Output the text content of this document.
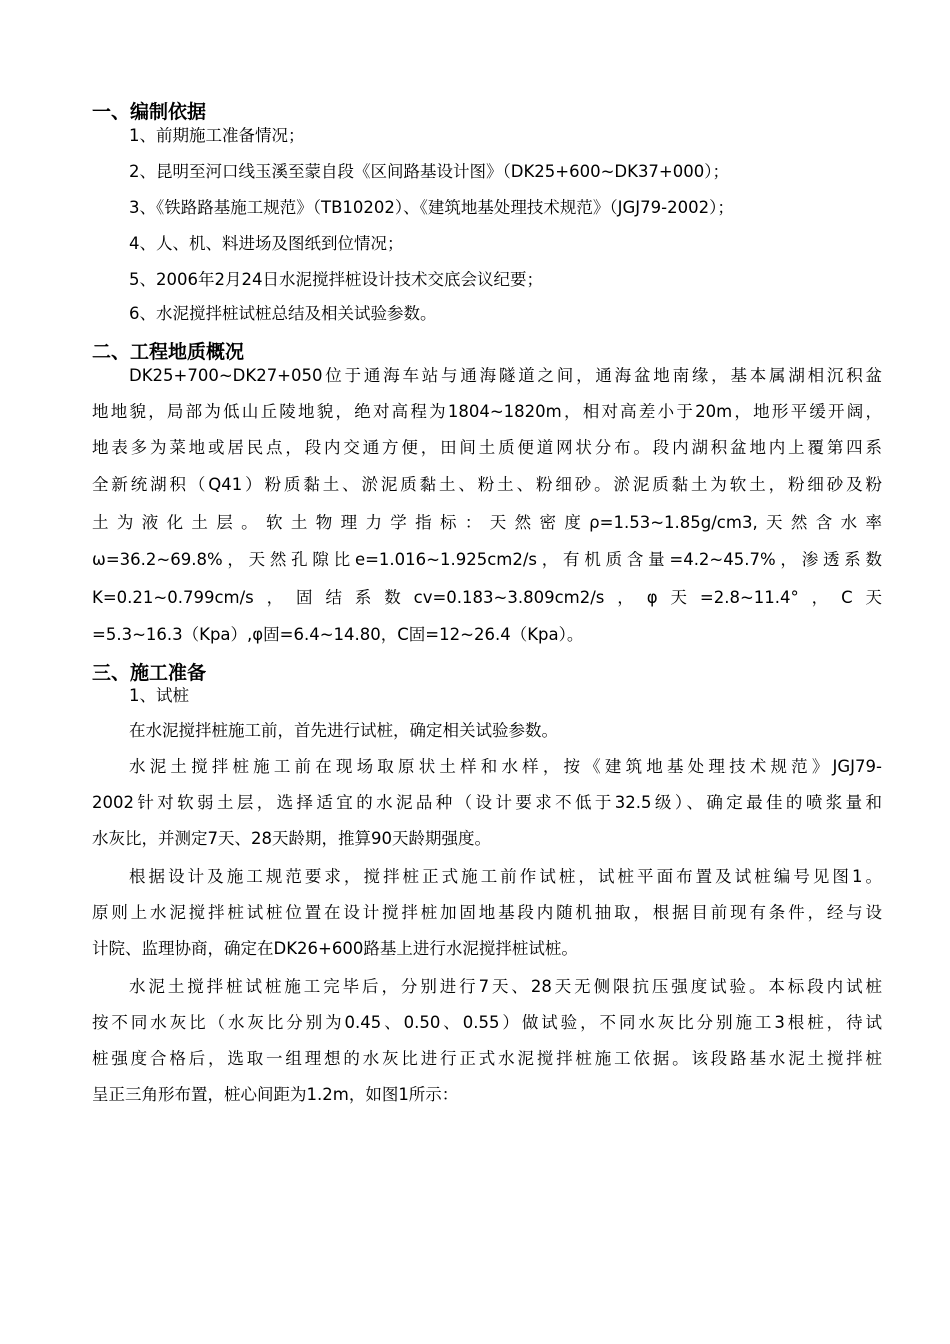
一、编制依据
1、前期施工准备情况；
2、昆明至河口线玉溪至蒙自段《区间路基设计图》（DK25+600~DK37+000）；
3、《铁路路基施工规范》（TB10202）、《建筑地基处理技术规范》（JGJ79-2002）；
4、人、机、料进场及图纸到位情况；
5、2006年2月24日水泥搅拌桩设计技术交底会议纪要；
6、水泥搅拌桩试桩总结及相关试验参数。
二、工程地质概况
DK25+700~DK27+050位于通海车站与通海隧道之间，通海盆地南缘，基本属湖相沉积盆
地地貌，局部为低山丘陵地貌，绝对高程为1804~1820m，相对高差小于20m，地形平缓开阔，
地表多为菜地或居民点，段内交通方便，田间土质便道网状分布。段内湖积盆地内上覆第四系
全新统湖积（Q41）粉质黏土、淤泥质黏土、粉土、粉细砂。淤泥质黏土为软土，粉细砂及粉
土为液化土层。软土物理力学指标：天然密度ρ=1.53~1.85g/cm3,天然含水率
ω=36.2~69.8%，天然孔隙比e=1.016~1.925cm2/s，有机质含量=4.2~45.7%，渗透系数
K=0.21~0.799cm/s，固结系数cv=0.183~3.809cm2/s，φ天=2.8~11.4°，C天
=5.3~16.3（Kpa）,φ固=6.4~14.80，C固=12~26.4（Kpa）。
三、施工准备
1、试桩
在水泥搅拌桩施工前，首先进行试桩，确定相关试验参数。
水泥土搅拌桩施工前在现场取原状土样和水样，按《建筑地基处理技术规范》JGJ79-
2002针对软弱土层，选择适宜的水泥品种（设计要求不低于32.5级）、确定最佳的喷浆量和
水灰比，并测定7天、28天龄期，推算90天龄期强度。
根据设计及施工规范要求，搅拌桩正式施工前作试桩，试桩平面布置及试桩编号见图1。
原则上水泥搅拌桩试桩位置在设计搅拌桩加固地基段内随机抽取，根据目前现有条件，经与设
计院、监理协商，确定在DK26+600路基上进行水泥搅拌桩试桩。
水泥土搅拌桩试桩施工完毕后，分别进行7天、28天无侧限抗压强度试验。本标段内试桩
按不同水灰比（水灰比分别为0.45、0.50、0.55）做试验，不同水灰比分别施工3根桩，待试
桩强度合格后，选取一组理想的水灰比进行正式水泥搅拌桩施工依据。该段路基水泥土搅拌桩
呈正三角形布置，桩心间距为1.2m，如图1所示：
